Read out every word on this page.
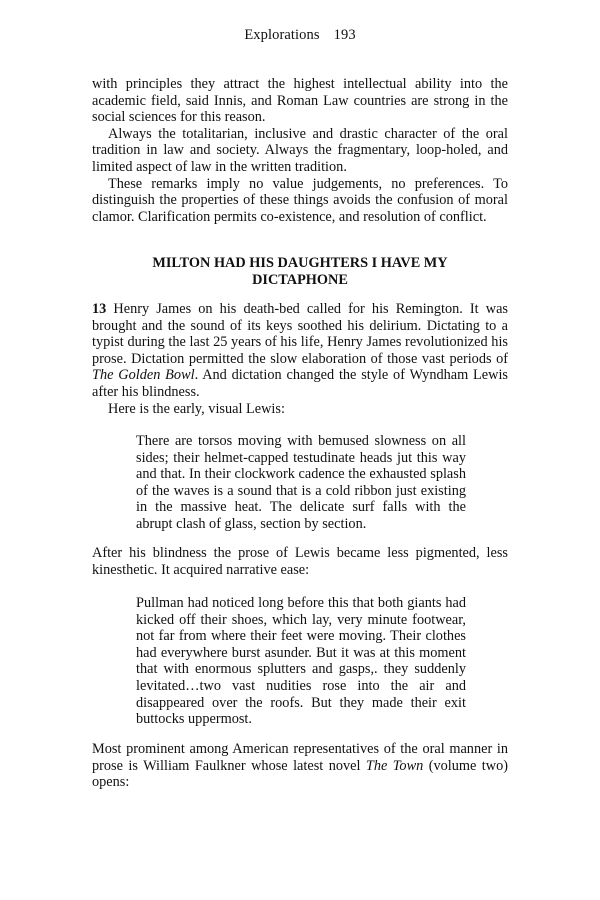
Explorations 193

with principles they attract the highest intellectual ability into the academic field, said Innis, and Roman Law countries are strong in the social sciences for this reason.

Always the totalitarian, inclusive and drastic character of the oral tradition in law and society. Always the fragmentary, loop-holed, and limited aspect of law in the written tradition.

These remarks imply no value judgements, no preferences. To distinguish the properties of these things avoids the confusion of moral clamor. Clarification permits co-existence, and resolution of conflict.

MILTON HAD HIS DAUGHTERS I HAVE MY
DICTAPHONE

13 Henry James on his death-bed called for his Remington. It was brought and the sound of its keys soothed his delirium. Dictating to a typist during the last 25 years of his life, Henry James revolutionized his prose. Dictation permitted the slow elaboration of those vast periods of The Golden Bowl. And dictation changed the style of Wyndham Lewis after his blindness.

Here is the early, visual Lewis:

There are torsos moving with bemused slowness on all sides; their helmet-capped testudinate heads jut this way and that. In their clockwork cadence the exhausted splash of the waves is a sound that is a cold ribbon just existing in the massive heat. The delicate surf falls with the abrupt clash of glass, section by section.
After his blindness the prose of Lewis became less pigmented, less kinesthetic. It acquired narrative ease:
Pullman had noticed long before this that both giants had kicked off their shoes, which lay, very minute footwear, not far from where their feet were moving. Their clothes had everywhere burst asunder. But it was at this moment that with enormous splutters and gasps,. they suddenly levitated…two vast nudities rose into the air and disappeared over the roofs. But they made their exit buttocks uppermost.
Most prominent among American representatives of the oral manner in prose is William Faulkner whose latest novel The Town (volume two) opens:
